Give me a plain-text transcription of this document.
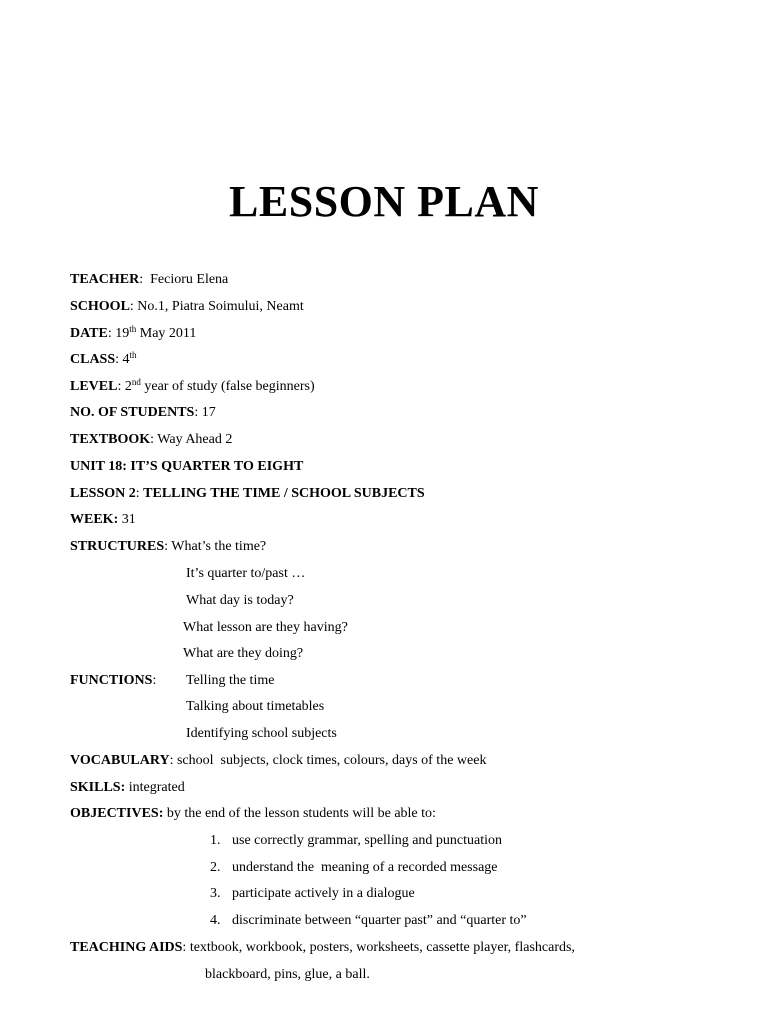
LESSON PLAN
TEACHER:  Fecioru Elena
SCHOOL: No.1, Piatra Soimului, Neamt
DATE: 19th May 2011
CLASS: 4th
LEVEL: 2nd year of study (false beginners)
NO. OF STUDENTS: 17
TEXTBOOK: Way Ahead 2
UNIT 18: IT’S QUARTER TO EIGHT
LESSON 2: TELLING THE TIME / SCHOOL SUBJECTS
WEEK: 31
STRUCTURES: What’s the time?
It’s quarter to/past …
What day is today?
What lesson are they having?
What are they doing?
FUNCTIONS: Telling the time
Talking about timetables
Identifying school subjects
VOCABULARY: school  subjects, clock times, colours, days of the week
SKILLS: integrated
OBJECTIVES: by the end of the lesson students will be able to:
1. use correctly grammar, spelling and punctuation
2. understand the  meaning of a recorded message
3. participate actively in a dialogue
4. discriminate between “quarter past” and “quarter to”
TEACHING AIDS: textbook, workbook, posters, worksheets, cassette player, flashcards,
blackboard, pins, glue, a ball.
